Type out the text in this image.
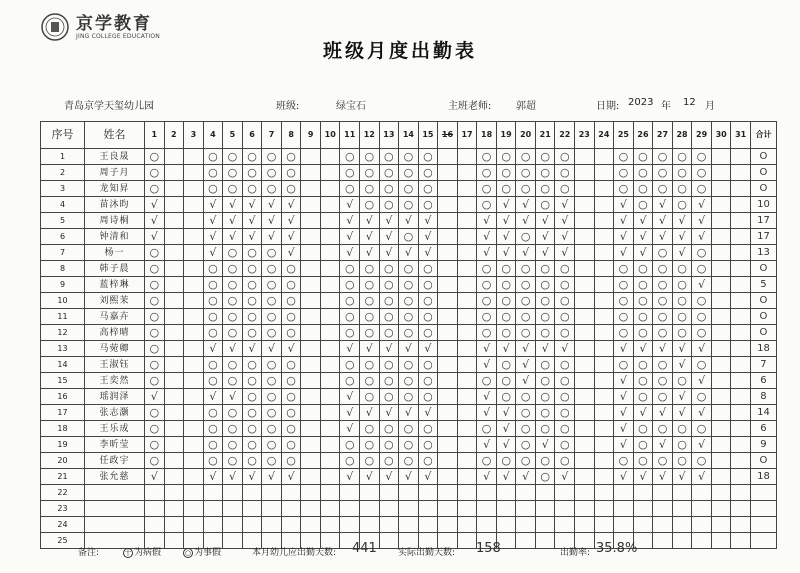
京学教育
JING COLLEGE EDUCATION
班级月度出勤表
青岛京学天玺幼儿园	班级:	绿宝石	主班老师: 郭超	日期: 2023 年 12 月
序号	姓名	1	2	3	4	5	6	7	8	9	10	11	12	13	14	15	16	17	18	19	20	21	22	23	24	25	26	27	28	29	30	31	合计
1	王良晟	○			○	○	○	○	○			○	○	○	○	○			○	○	○	○	○			○	○	○	○	○			O
2	周子月	○			○	○	○	○	○			○	○	○	○	○			○	○	○	○	○			○	○	○	○	○			O
3	龙知昇	○			○	○	○	○	○			○	○	○	○	○			○	○	○	○	○			○	○	○	○	○			O
4	苗沐昀	√			√	√	√	√	√			√	○	○	○	○			○	√	√	○	√			√	○	√	○	√			10
5	周诗桐	√			√	√	√	√	√			√	√	√	√	√			√	√	√	√	√			√	√	√	√	√			17
6	钟清和	√			√	√	√	√	√			√	√	√	○	√			√	√	○	√	√			√	√	√	√	√			17
7	杨一	○			√	○	○	○	√			√	√	√	√	√			√	√	√	√	√			√	√	○	√	○			13
8	韩子晨	○			○	○	○	○	○			○	○	○	○	○			○	○	○	○	○			○	○	○	○	○			O
9	蓝梓琳	○			○	○	○	○	○			○	○	○	○	○			○	○	○	○	○			○	○	○	○	√			5
10	刘熙茉	○			○	○	○	○	○			○	○	○	○	○			○	○	○	○	○			○	○	○	○	○			O
11	马嘉卉	○			○	○	○	○	○			○	○	○	○	○			○	○	○	○	○			○	○	○	○	○			O
12	高梓晴	○			○	○	○	○	○			○	○	○	○	○			○	○	○	○	○			○	○	○	○	○			O
13	马菀卿	○			√	√	√	√	√			√	√	√	√	√			√	√	√	√	√			√	√	√	√	√			18
14	王淑钰	○			○	○	○	○	○			○	○	○	○	○			√	○	√	○	○			○	○	○	√	○			7
15	王奕然	○			○	○	○	○	○			○	○	○	○	○			○	○	√	○	○			√	○	○	○	√			6
16	瑶润泽	√			√	√	○	○	○			√	○	○	○	○			√	○	○	○	○			√	○	○	√	○			8
17	张志灏	○			○	○	○	○	○			√	√	√	√	√			√	√	○	○	○			√	√	√	√	√			14
18	王乐成	○			○	○	○	○	○			√	○	○	○	○			○	√	○	○	○			√	○	○	○	○			6
19	李昕莹	○			○	○	○	○	○			○	○	○	○	○			√	√	○	√	○			√	○	√	○	√			9
20	任政宇	○			○	○	○	○	○			○	○	○	○	○			○	○	○	○	○			○	○	○	○	○			O
21	张允慈	√			√	√	√	√	√			√	√	√	√	√			√	√	√	○	√			√	√	√	√	√			18
22																																	
23																																	
24																																	
25																																	
备注:	十 为病假	○ 为事假	本月幼儿应出勤天数: 441 实际出勤天数: 158	出勤率: 35.8%
